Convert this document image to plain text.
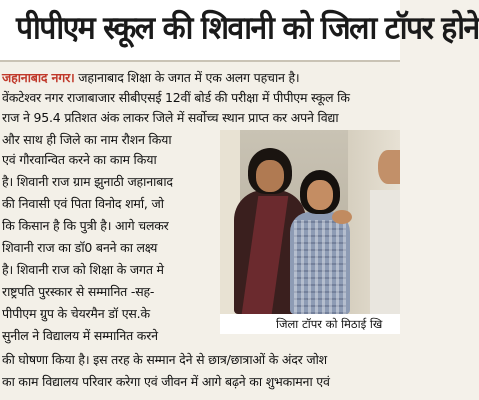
पीपीएम स्कूल की शिवानी को जिला टॉपर होने
जहानाबाद नगर। जहानाबाद शिक्षा के जगत में एक अलग पहचान है।
वेंकटेश्वर नगर राजाबाजार सीबीएसई 12वीं बोर्ड की परीक्षा में पीपीएम स्कूल कि
राज ने 95.4 प्रतिशत अंक लाकर जिले में सर्वोच्च स्थान प्राप्त कर अपने विद्या
और साथ ही जिले का नाम रौशन किया
एवं गौरवान्वित करने का काम किया
है। शिवानी राज ग्राम झुनाठी जहानाबाद
की निवासी एवं पिता विनोद शर्मा, जो
कि किसान है कि पुत्री है। आगे चलकर
शिवानी राज का डॉ0 बनने का लक्ष्य
है। शिवानी राज को शिक्षा के जगत मे
राष्ट्रपति पुरस्कार से सम्मानित -सह-
पीपीएम ग्रुप के चेयरमैन डॉ एस.के
सुनील ने विद्यालय में सम्मानित करने
की घोषणा किया है। इस तरह के सम्मान देने से छात्र/छात्राओं के अंदर जोश
का काम विद्यालय परिवार करेगा एवं जीवन में आगे बढ़ने का शुभकामना एवं
जिला टॉपर को मिठाई खि
